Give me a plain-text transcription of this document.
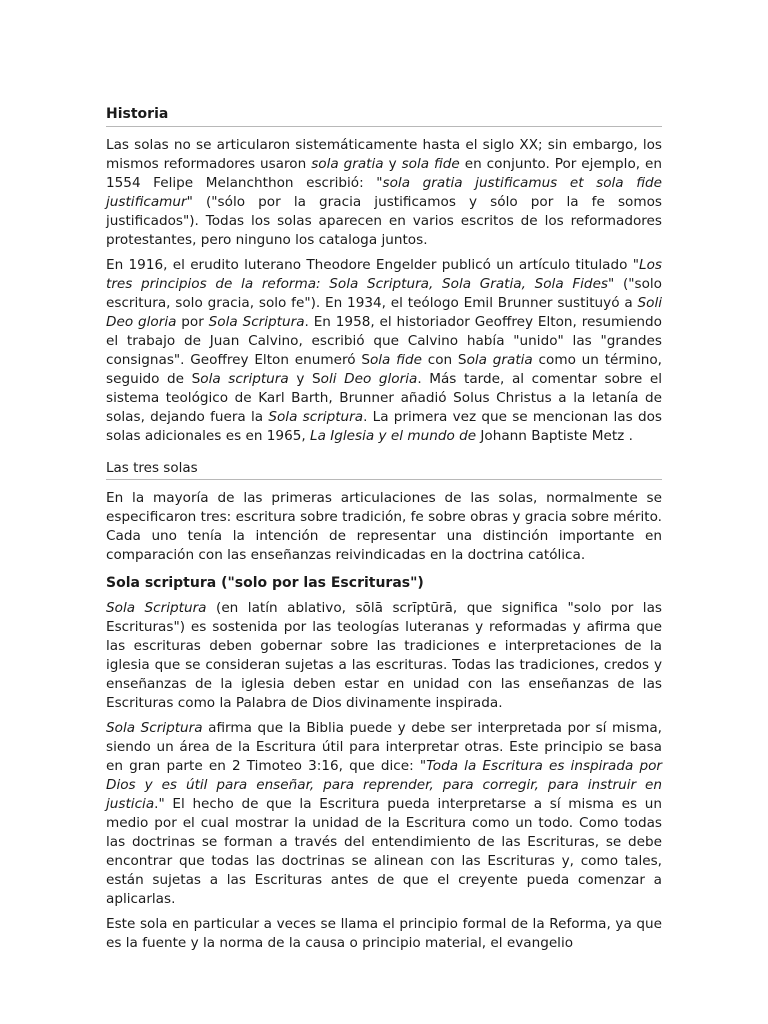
Historia

Las solas no se articularon sistemáticamente hasta el siglo XX; sin embargo, los mismos reformadores usaron sola gratia y sola fide en conjunto. Por ejemplo, en 1554 Felipe Melanchthon escribió: "sola gratia justificamus et sola fide justificamur" ("sólo por la gracia justificamos y sólo por la fe somos justificados"). Todas los solas aparecen en varios escritos de los reformadores protestantes, pero ninguno los cataloga juntos.

En 1916, el erudito luterano Theodore Engelder publicó un artículo titulado "Los tres principios de la reforma: Sola Scriptura, Sola Gratia, Sola Fides" ("solo escritura, solo gracia, solo fe"). En 1934, el teólogo Emil Brunner sustituyó a Soli Deo gloria por Sola Scriptura. En 1958, el historiador Geoffrey Elton, resumiendo el trabajo de Juan Calvino, escribió que Calvino había "unido" las "grandes consignas". Geoffrey Elton enumeró Sola fide con Sola gratia como un término, seguido de Sola scriptura y Soli Deo gloria. Más tarde, al comentar sobre el sistema teológico de Karl Barth, Brunner añadió Solus Christus a la letanía de solas, dejando fuera la Sola scriptura. La primera vez que se mencionan las dos solas adicionales es en 1965, La Iglesia y el mundo de Johann Baptiste Metz .

Las tres solas

En la mayoría de las primeras articulaciones de las solas, normalmente se especificaron tres: escritura sobre tradición, fe sobre obras y gracia sobre mérito. Cada uno tenía la intención de representar una distinción importante en comparación con las enseñanzas reivindicadas en la doctrina católica.

Sola scriptura ("solo por las Escrituras")

Sola Scriptura (en latín ablativo, sōlā scrīptūrā, que significa "solo por las Escrituras") es sostenida por las teologías luteranas y reformadas y afirma que las escrituras deben gobernar sobre las tradiciones e interpretaciones de la iglesia que se consideran sujetas a las escrituras. Todas las tradiciones, credos y enseñanzas de la iglesia deben estar en unidad con las enseñanzas de las Escrituras como la Palabra de Dios divinamente inspirada.

Sola Scriptura afirma que la Biblia puede y debe ser interpretada por sí misma, siendo un área de la Escritura útil para interpretar otras. Este principio se basa en gran parte en 2 Timoteo 3:16, que dice: "Toda la Escritura es inspirada por Dios y es útil para enseñar, para reprender, para corregir, para instruir en justicia." El hecho de que la Escritura pueda interpretarse a sí misma es un medio por el cual mostrar la unidad de la Escritura como un todo. Como todas las doctrinas se forman a través del entendimiento de las Escrituras, se debe encontrar que todas las doctrinas se alinean con las Escrituras y, como tales, están sujetas a las Escrituras antes de que el creyente pueda comenzar a aplicarlas.

Este sola en particular a veces se llama el principio formal de la Reforma, ya que es la fuente y la norma de la causa o principio material, el evangelio
